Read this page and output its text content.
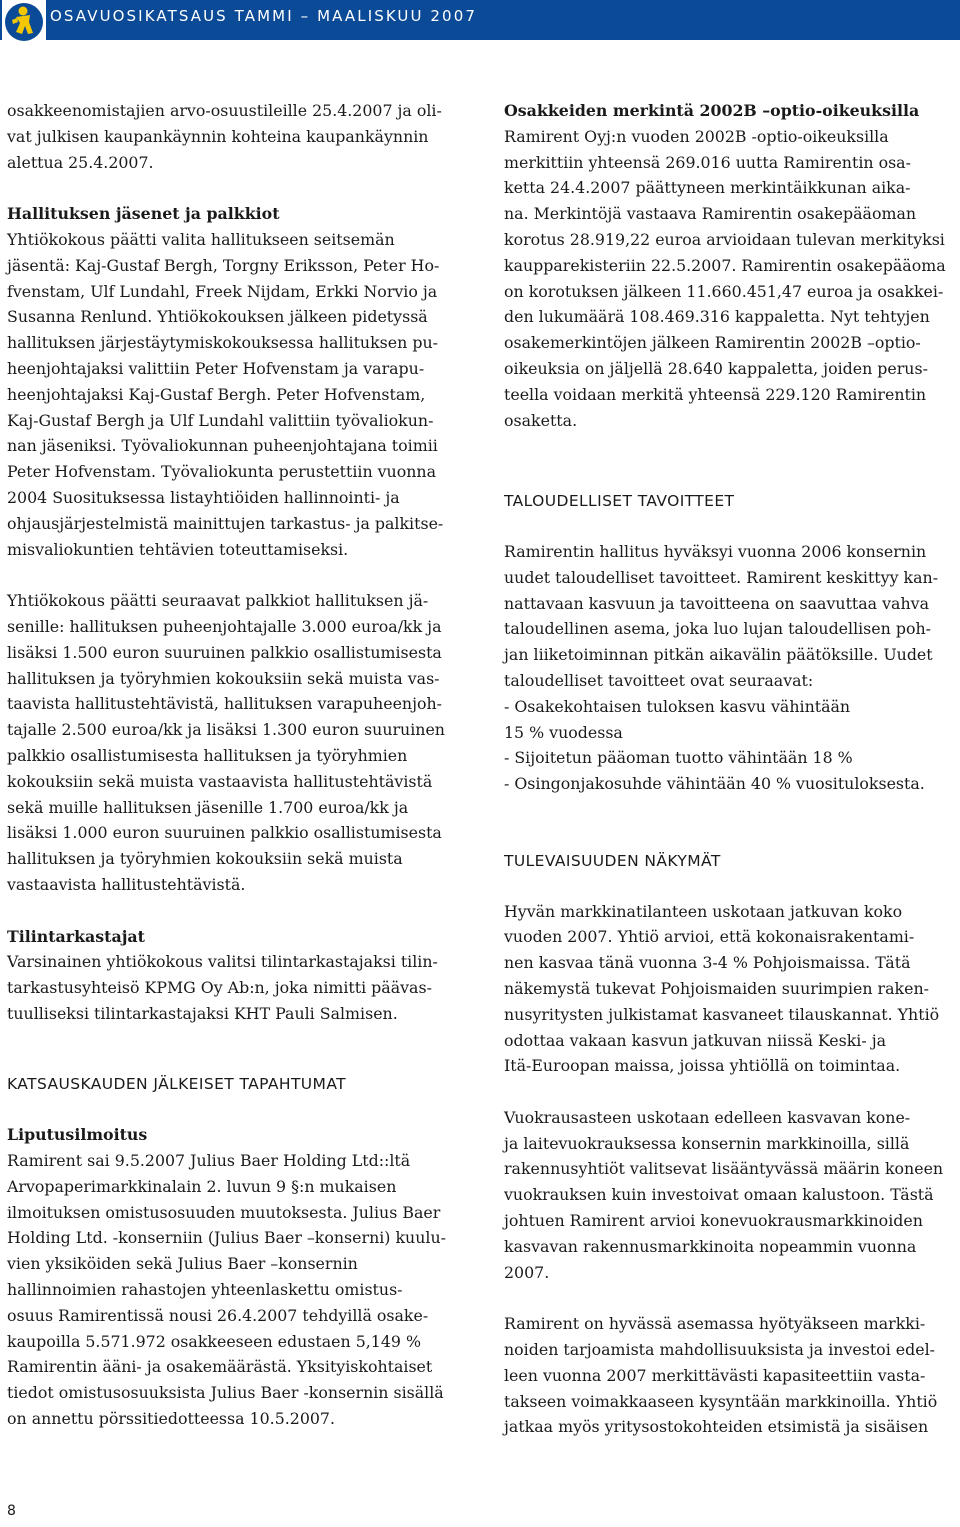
OSAVUOSIKATSAUS TAMMI – MAALISKUU 2007

osakkeenomistajien arvo-osuustileille 25.4.2007 ja oli-
vat julkisen kaupankäynnin kohteina kaupankäynnin
alettua 25.4.2007.

Hallituksen jäsenet ja palkkiot
Yhtiökokous päätti valita hallitukseen seitsemän
jäsentä: Kaj-Gustaf Bergh, Torgny Eriksson, Peter Ho-
fvenstam, Ulf Lundahl, Freek Nijdam, Erkki Norvio ja
Susanna Renlund. Yhtiökokouksen jälkeen pidetyssä
hallituksen järjestäytymiskokouksessa hallituksen pu-
heenjohtajaksi valittiin Peter Hofvenstam ja varapu-
heenjohtajaksi Kaj-Gustaf Bergh. Peter Hofvenstam,
Kaj-Gustaf Bergh ja Ulf Lundahl valittiin työvaliokun-
nan jäseniksi. Työvaliokunnan puheenjohtajana toimii
Peter Hofvenstam. Työvaliokunta perustettiin vuonna
2004 Suosituksessa listayhtiöiden hallinnointi- ja
ohjausjärjestelmistä mainittujen tarkastus- ja palkitse-
misvaliokuntien tehtävien toteuttamiseksi.

Yhtiökokous päätti seuraavat palkkiot hallituksen jä-
senille: hallituksen puheenjohtajalle 3.000 euroa/kk ja
lisäksi 1.500 euron suuruinen palkkio osallistumisesta
hallituksen ja työryhmien kokouksiin sekä muista vas-
taavista hallitustehtävistä, hallituksen varapuheenjoh-
tajalle 2.500 euroa/kk ja lisäksi 1.300 euron suuruinen
palkkio osallistumisesta hallituksen ja työryhmien
kokouksiin sekä muista vastaavista hallitustehtävistä
sekä muille hallituksen jäsenille 1.700 euroa/kk ja
lisäksi 1.000 euron suuruinen palkkio osallistumisesta
hallituksen ja työryhmien kokouksiin sekä muista
vastaavista hallitustehtävistä.

Tilintarkastajat
Varsinainen yhtiökokous valitsi tilintarkastajaksi tilin-
tarkastusyhteisö KPMG Oy Ab:n, joka nimitti päävas-
tuulliseksi tilintarkastajaksi KHT Pauli Salmisen.

KATSAUSKAUDEN JÄLKEISET TAPAHTUMAT

Liputusilmoitus
Ramirent sai 9.5.2007 Julius Baer Holding Ltd::ltä
Arvopaperimarkkinalain 2. luvun 9 §:n mukaisen
ilmoituksen omistusosuuden muutoksesta. Julius Baer
Holding Ltd. -konserniin (Julius Baer –konserni) kuulu-
vien yksiköiden sekä Julius Baer –konsernin
hallinnoimien rahastojen yhteenlaskettu omistus-
osuus Ramirentissä nousi 26.4.2007 tehdyillä osake-
kaupoilla 5.571.972 osakkeeseen edustaen 5,149 %
Ramirentin ääni- ja osakemäärästä. Yksityiskohtaiset
tiedot omistusosuuksista Julius Baer -konsernin sisällä
on annettu pörssitiedotteessa 10.5.2007.

Osakkeiden merkintä 2002B –optio-oikeuksilla
Ramirent Oyj:n vuoden 2002B -optio-oikeuksilla
merkittiin yhteensä 269.016 uutta Ramirentin osa-
ketta 24.4.2007 päättyneen merkintäikkunan aika-
na. Merkintöjä vastaava Ramirentin osakepääoman
korotus 28.919,22 euroa arvioidaan tulevan merkityksi
kaupparekisteriin 22.5.2007. Ramirentin osakepääoma
on korotuksen jälkeen 11.660.451,47 euroa ja osakkei-
den lukumäärä 108.469.316 kappaletta. Nyt tehtyjen
osakemerkintöjen jälkeen Ramirentin 2002B –optio-
oikeuksia on jäljellä 28.640 kappaletta, joiden perus-
teella voidaan merkitä yhteensä 229.120 Ramirentin
osaketta.

TALOUDELLISET TAVOITTEET

Ramirentin hallitus hyväksyi vuonna 2006 konsernin
uudet taloudelliset tavoitteet. Ramirent keskittyy kan-
nattavaan kasvuun ja tavoitteena on saavuttaa vahva
taloudellinen asema, joka luo lujan taloudellisen poh-
jan liiketoiminnan pitkän aikavälin päätöksille. Uudet
taloudelliset tavoitteet ovat seuraavat:
- Osakekohtaisen tuloksen kasvu vähintään
15 % vuodessa
- Sijoitetun pääoman tuotto vähintään 18 %
- Osingonjakosuhde vähintään 40 % vuosituloksesta.

TULEVAISUUDEN NÄKYMÄT

Hyvän markkinatilanteen uskotaan jatkuvan koko
vuoden 2007. Yhtiö arvioi, että kokonaisrakentami-
nen kasvaa tänä vuonna 3-4 % Pohjoismaissa. Tätä
näkemystä tukevat Pohjoismaiden suurimpien raken-
nusyritysten julkistamat kasvaneet tilauskannat. Yhtiö
odottaa vakaan kasvun jatkuvan niissä Keski- ja
Itä-Euroopan maissa, joissa yhtiöllä on toimintaa.

Vuokrausasteen uskotaan edelleen kasvavan kone-
ja laitevuokrauksessa konsernin markkinoilla, sillä
rakennusyhtiöt valitsevat lisääntyvässä määrin koneen
vuokrauksen kuin investoivat omaan kalustoon. Tästä
johtuen Ramirent arvioi konevuokrausmarkkinoiden
kasvavan rakennusmarkkinoita nopeammin vuonna
2007.

Ramirent on hyvässä asemassa hyötyäkseen markki-
noiden tarjoamista mahdollisuuksista ja investoi edel-
leen vuonna 2007 merkittävästi kapasiteettiin vasta-
takseen voimakkaaseen kysyntään markkinoilla. Yhtiö
jatkaa myös yritysostokohteiden etsimistä ja sisäisen

8
